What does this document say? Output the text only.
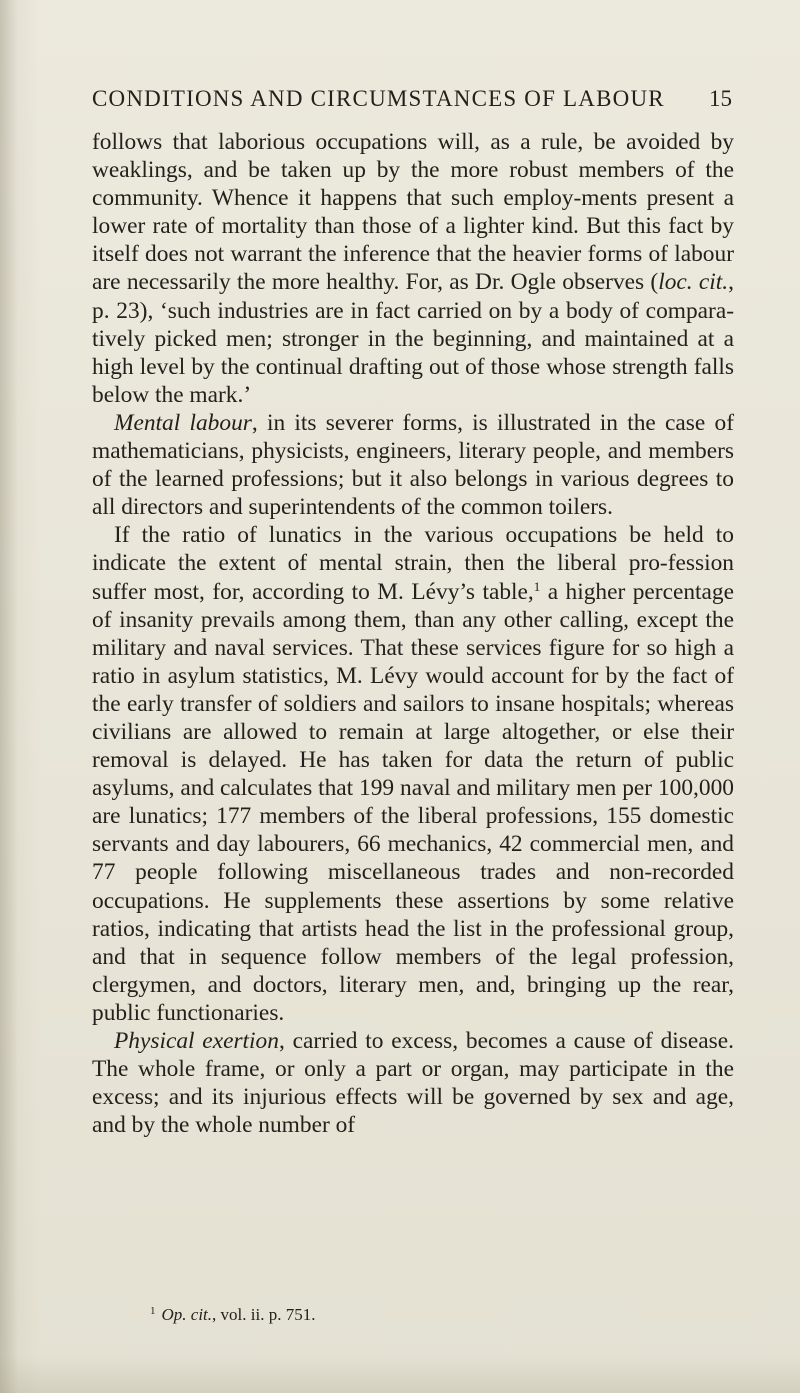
CONDITIONS AND CIRCUMSTANCES OF LABOUR 15

follows that laborious occupations will, as a rule, be avoided by weaklings, and be taken up by the more robust members of the community. Whence it happens that such employ-ments present a lower rate of mortality than those of a lighter kind. But this fact by itself does not warrant the inference that the heavier forms of labour are necessarily the more healthy. For, as Dr. Ogle observes (loc. cit., p. 23), ‘such industries are in fact carried on by a body of compara-tively picked men; stronger in the beginning, and maintained at a high level by the continual drafting out of those whose strength falls below the mark.’

Mental labour, in its severer forms, is illustrated in the case of mathematicians, physicists, engineers, literary people, and members of the learned professions; but it also belongs in various degrees to all directors and superintendents of the common toilers.

If the ratio of lunatics in the various occupations be held to indicate the extent of mental strain, then the liberal pro-fession suffer most, for, according to M. Lévy’s table,$^1$ a higher percentage of insanity prevails among them, than any other calling, except the military and naval services. That these services figure for so high a ratio in asylum statistics, M. Lévy would account for by the fact of the early transfer of soldiers and sailors to insane hospitals; whereas civilians are allowed to remain at large altogether, or else their removal is delayed. He has taken for data the return of public asylums, and calculates that 199 naval and military men per 100,000 are lunatics; 177 members of the liberal professions, 155 domestic servants and day labourers, 66 mechanics, 42 commercial men, and 77 people following miscellaneous trades and non-recorded occupations. He supplements these assertions by some relative ratios, indicating that artists head the list in the professional group, and that in sequence follow members of the legal profession, clergymen, and doctors, literary men, and, bringing up the rear, public functionaries.

Physical exertion, carried to excess, becomes a cause of disease. The whole frame, or only a part or organ, may participate in the excess; and its injurious effects will be governed by sex and age, and by the whole number of

$^1$ Op. cit., vol. ii. p. 751.
